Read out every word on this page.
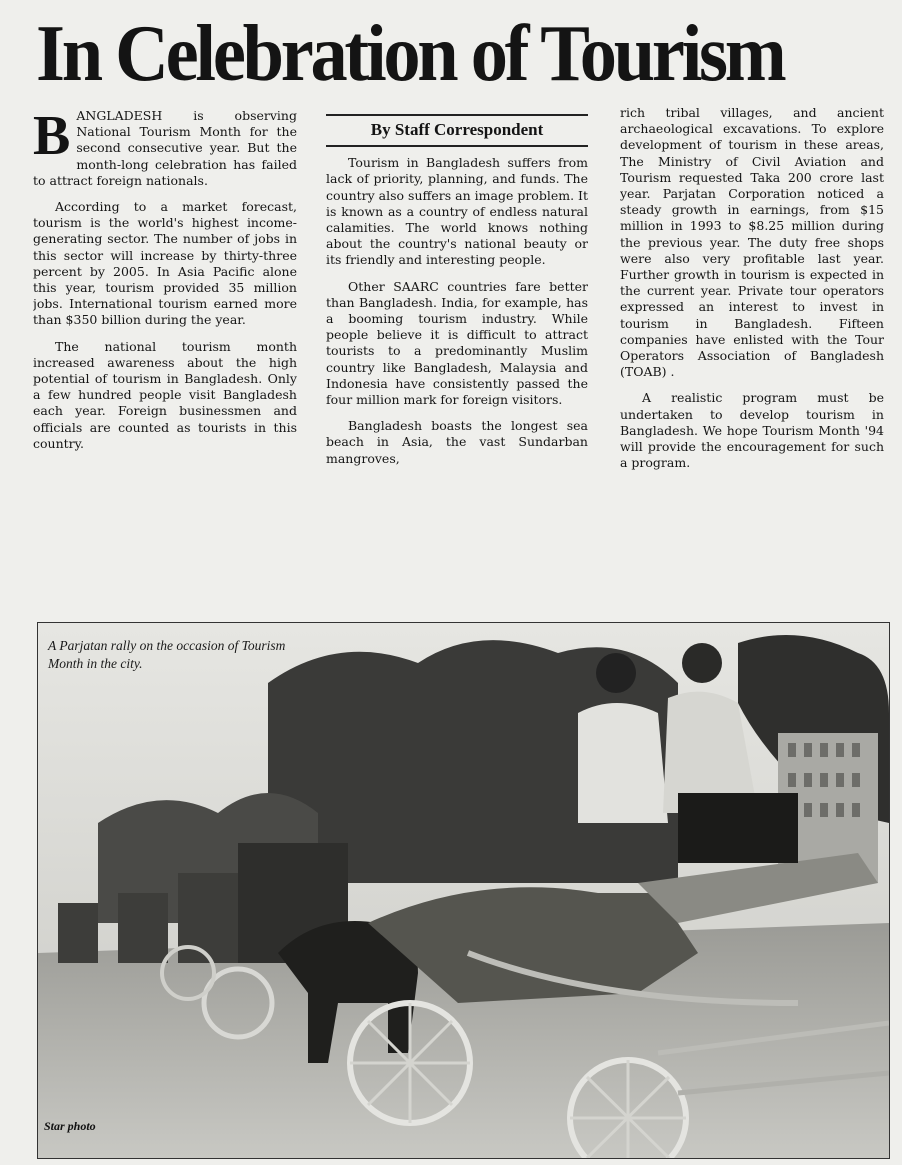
In Celebration of Tourism

BANGLADESH is observing National Tourism Month for the second consecutive year. But the month-long celebration has failed to attract foreign nationals.

According to a market forecast, tourism is the world's highest income-generating sector. The number of jobs in this sector will increase by thirty-three percent by 2005. In Asia Pacific alone this year, tourism provided 35 million jobs. International tourism earned more than $350 billion during the year.

The national tourism month increased awareness about the high potential of tourism in Bangladesh. Only a few hundred people visit Bangladesh each year. Foreign businessmen and officials are counted as tourists in this country.

By Staff Correspondent

Tourism in Bangladesh suffers from lack of priority, planning, and funds. The country also suffers an image problem. It is known as a country of endless natural calamities. The world knows nothing about the country's national beauty or its friendly and interesting people.

Other SAARC countries fare better than Bangladesh. India, for example, has a booming tourism industry. While people believe it is difficult to attract tourists to a predominantly Muslim country like Bangladesh, Malaysia and Indonesia have consistently passed the four million mark for foreign visitors.

Bangladesh boasts the longest sea beach in Asia, the vast Sundarban mangroves,

rich tribal villages, and ancient archaeological excavations. To explore development of tourism in these areas, The Ministry of Civil Aviation and Tourism requested Taka 200 crore last year. Parjatan Corporation noticed a steady growth in earnings, from $15 million in 1993 to $8.25 million during the previous year. The duty free shops were also very profitable last year. Further growth in tourism is expected in the current year. Private tour operators expressed an interest to invest in tourism in Bangladesh. Fifteen companies have enlisted with the Tour Operators Association of Bangladesh (TOAB) .

A realistic program must be undertaken to develop tourism in Bangladesh. We hope Tourism Month '94 will provide the encouragement for such a program.

A Parjatan rally on the occasion of Tourism Month in the city.
Star photo
